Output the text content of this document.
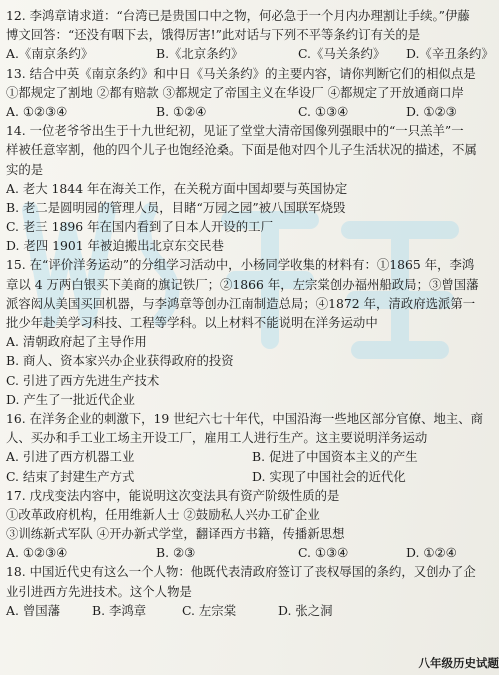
12. 李鸿章请求道：“台湾已是贵国口中之物，何必急于一个月内办理割让手续。”伊藤
博文回答：“还没有咽下去，饿得厉害!”此对话与下列不平等条约订有关的是
A.《南京条约》	B.《北京条约》	C.《马关条约》	D.《辛丑条约》
13. 结合中英《南京条约》和中日《马关条约》的主要内容，请你判断它们的相似点是
①都规定了割地 ②都有赔款 ③都规定了帝国主义在华设厂 ④都规定了开放通商口岸
A. ①②③④	B. ①②④	C. ①③④	D. ①②③
14. 一位老爷爷出生于十九世纪初，见证了堂堂大清帝国像列强眼中的“一只羔羊”一
样被任意宰割，他的四个儿子也饱经沧桑。下面是他对四个儿子生活状况的描述，不属
实的是
A. 老大 1844 年在海关工作，在关税方面中国却要与英国协定
B. 老二是圆明园的管理人员，目睹“万园之园”被八国联军烧毁
C. 老三 1896 年在国内看到了日本人开设的工厂
D. 老四 1901 年被迫搬出北京东交民巷
15. 在“评价洋务运动”的分组学习活动中，小杨同学收集的材料有：①1865 年，李鸿
章以 4 万两白银买下美商的旗记铁厂；②1866 年，左宗棠创办福州船政局；③曾国藩
派容闳从美国买回机器，与李鸿章等创办江南制造总局；④1872 年，清政府选派第一
批少年赴美学习科技、工程等学科。以上材料不能说明在洋务运动中
A. 清朝政府起了主导作用
B. 商人、资本家兴办企业获得政府的投资
C. 引进了西方先进生产技术
D. 产生了一批近代企业
16. 在洋务企业的刺激下，19 世纪六七十年代，中国沿海一些地区部分官僚、地主、商
人、买办和手工业工场主开设工厂，雇用工人进行生产。这主要说明洋务运动
A. 引进了西方机器工业	B. 促进了中国资本主义的产生
C. 结束了封建生产方式	D. 实现了中国社会的近代化
17. 戊戌变法内容中，能说明这次变法具有资产阶级性质的是
①改革政府机构，任用维新人士 ②鼓励私人兴办工矿企业
③训练新式军队 ④开办新式学堂，翻译西方书籍，传播新思想
A. ①②③④	B. ②③	C. ①③④	D. ①②④
18. 中国近代史有这么一个人物：他既代表清政府签订了丧权辱国的条约，又创办了企
业引进西方先进技术。这个人物是
A. 曾国藩	B. 李鸿章	C. 左宗棠	D. 张之洞
八年级历史试题
